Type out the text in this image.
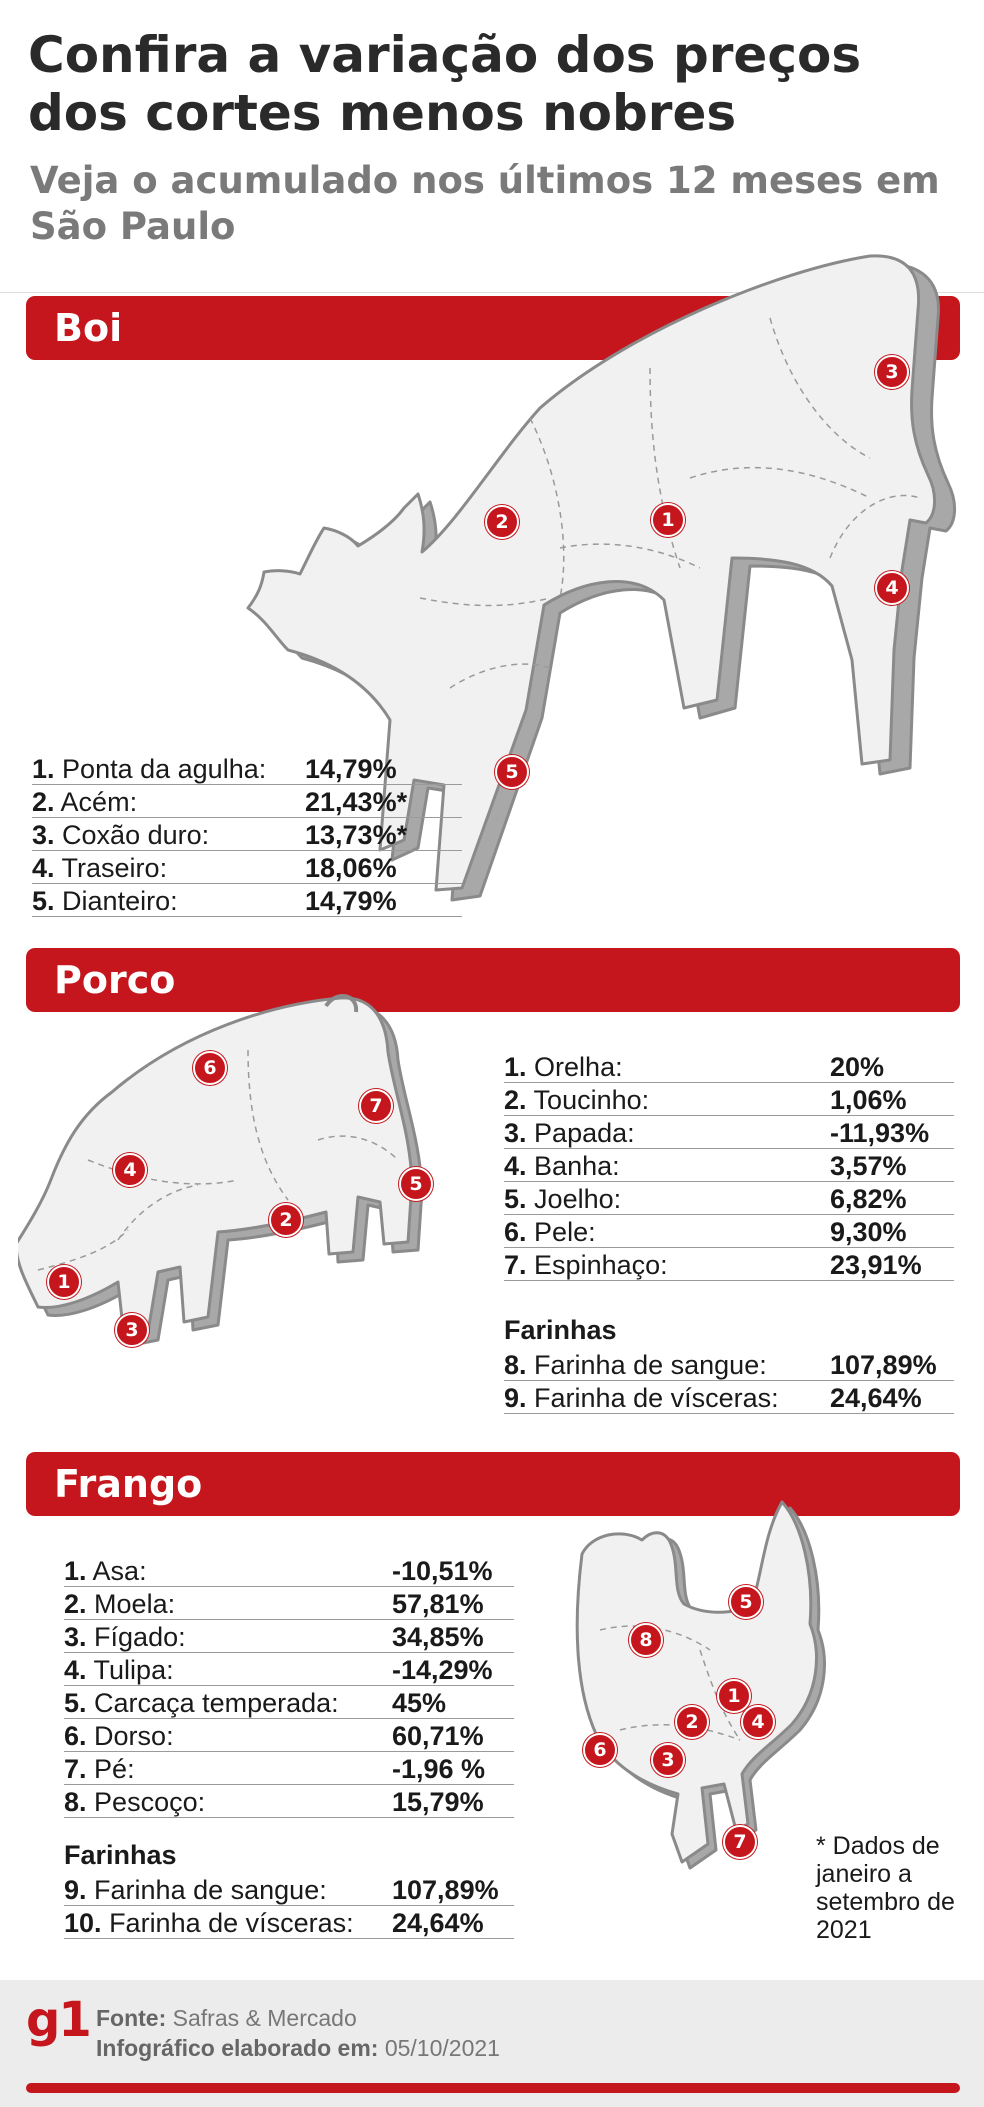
Confira a variação dos preços dos cortes menos nobres
Veja o acumulado nos últimos 12 meses em São Paulo
Boi
1
2
3
4
5
1. Ponta da agulha: 14,79%
2. Acém:	21,43%*
3. Coxão duro:	13,73%*
4. Traseiro:	18,06%
5. Dianteiro:	14,79%
Porco
1
2
3
4
5
6
7
1. Orelha:	20%
2. Toucinho:	1,06%
3. Papada:	-11,93%
4. Banha:	3,57%
5. Joelho:	6,82%
6. Pele:	9,30%
7. Espinhaço:	23,91%
Farinhas
8. Farinha de sangue: 107,89%
9. Farinha de vísceras: 24,64%
Frango
1
2
3
4
5
6
7
8
1. Asa:	-10,51%
2. Moela:	57,81%
3. Fígado:	34,85%
4. Tulipa:	-14,29%
5. Carcaça temperada: 45%
6. Dorso:	60,71%
7. Pé:	-1,96 %
8. Pescoço:	15,79%
Farinhas
9. Farinha de sangue: 107,89%
10. Farinha de vísceras: 24,64%
* Dados de janeiro a setembro de 2021
g1 Fonte: Safras & Mercado
Infográfico elaborado em: 05/10/2021
